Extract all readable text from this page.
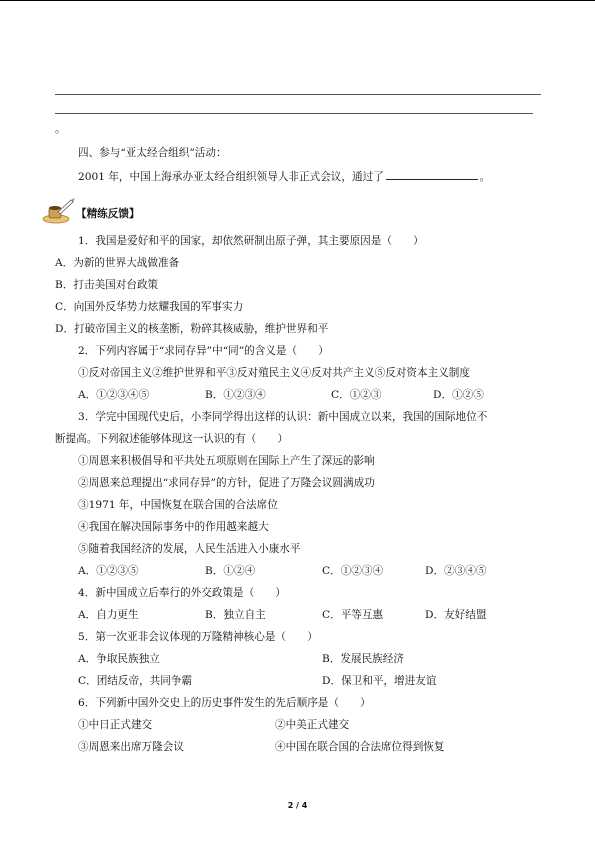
。
四、参与“亚太经合组织”活动：
2001 年，中国上海承办亚太经合组织领导人非正式会议，通过了	。
【精练反馈】
1．我国是爱好和平的国家，却依然研制出原子弹，其主要原因是（　　）
A．为新的世界大战做准备
B．打击美国对台政策
C．向国外反华势力炫耀我国的军事实力
D．打破帝国主义的核垄断，粉碎其核威胁，维护世界和平
2．下列内容属于“求同存异”中“同”的含义是（　　）
①反对帝国主义②维护世界和平③反对殖民主义④反对共产主义⑤反对资本主义制度
A．①②③④⑤	B．①②③④	C．①②③	D．①②⑤
3．学完中国现代史后，小李同学得出这样的认识：新中国成立以来，我国的国际地位不
断提高。下列叙述能够体现这一认识的有（　　）
①周恩来积极倡导和平共处五项原则在国际上产生了深远的影响
②周恩来总理提出“求同存异”的方针，促进了万隆会议圆满成功
③1971 年，中国恢复在联合国的合法席位
④我国在解决国际事务中的作用越来越大
⑤随着我国经济的发展，人民生活进入小康水平
A．①②③⑤	B．①②④	C．①②③④	D．②③④⑤
4．新中国成立后奉行的外交政策是（　　）
A．自力更生	B．独立自主	C．平等互惠	D．友好结盟
5．第一次亚非会议体现的万隆精神核心是（　　）
A．争取民族独立	B．发展民族经济
C．团结反帝，共同争霸	D．保卫和平，增进友谊
6．下列新中国外交史上的历史事件发生的先后顺序是（　　）
①中日正式建交	②中美正式建交
③周恩来出席万隆会议	④中国在联合国的合法席位得到恢复
2 / 4
